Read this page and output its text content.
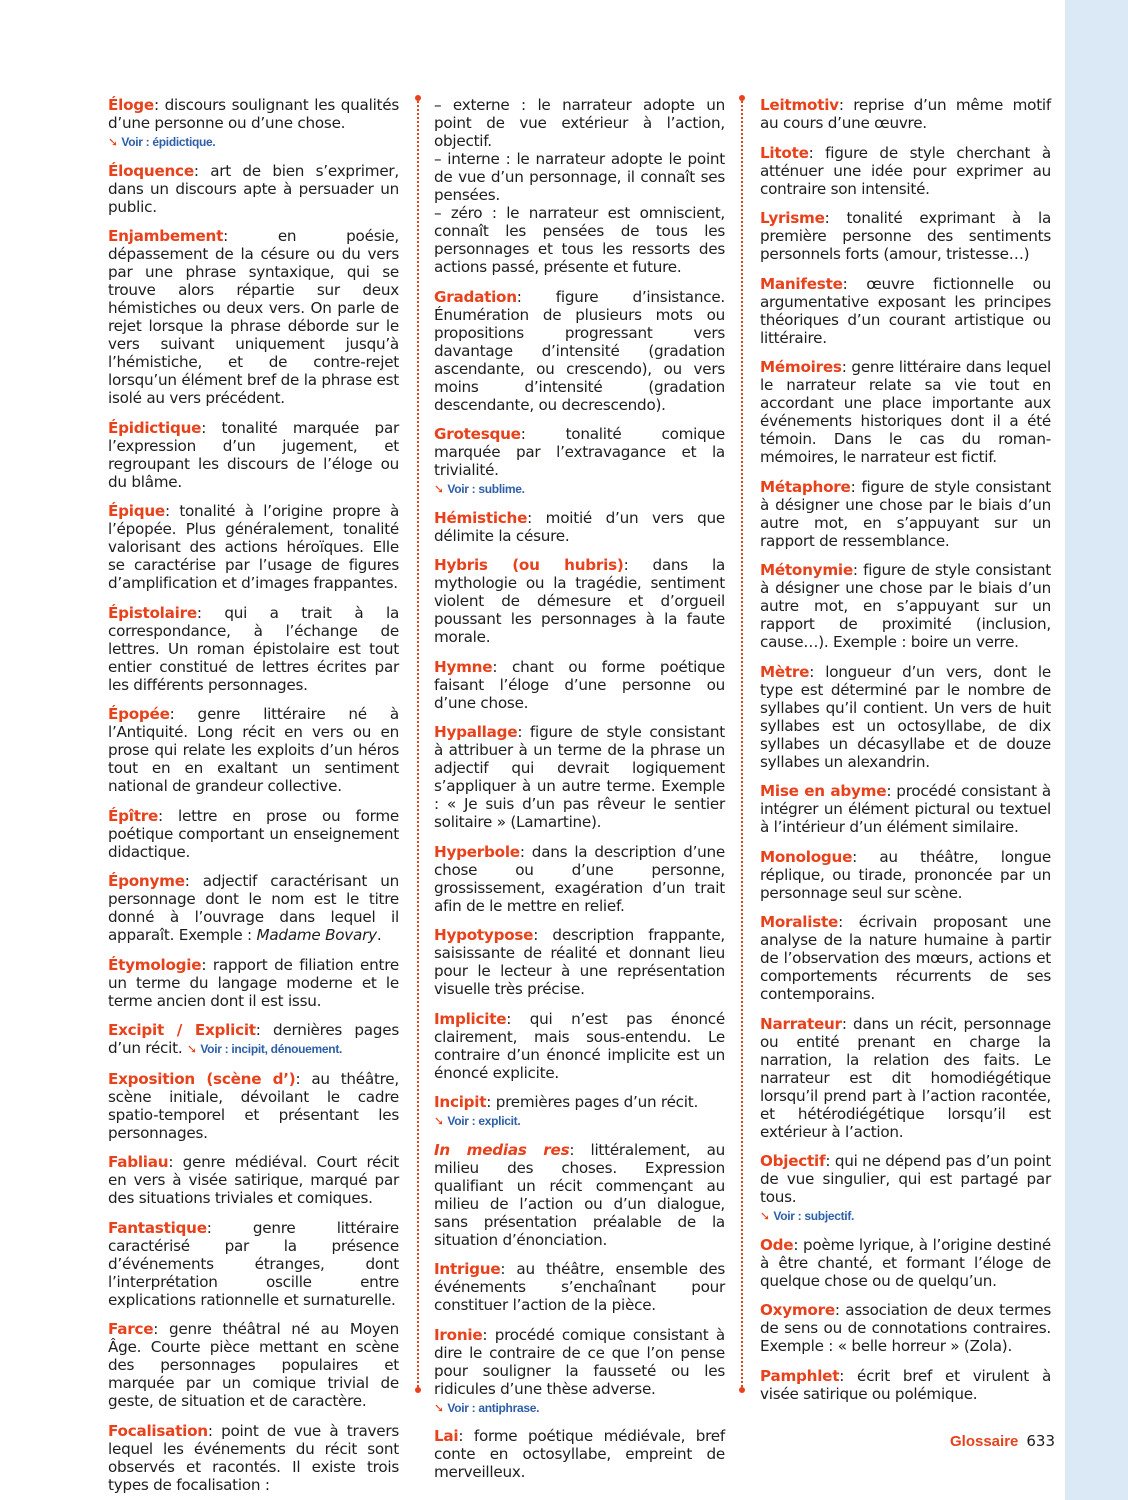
Éloge: discours soulignant les qualités d’une personne ou d’une chose.
➘ Voir : épidictique.

Éloquence: art de bien s’exprimer, dans un discours apte à persuader un public.

Enjambement: en poésie, dépassement de la césure ou du vers par une phrase syntaxique, qui se trouve alors répartie sur deux hémistiches ou deux vers. On parle de rejet lorsque la phrase déborde sur le vers suivant uniquement jusqu’à l’hémistiche, et de contre-rejet lorsqu’un élément bref de la phrase est isolé au vers précédent.

Épidictique: tonalité marquée par l’expression d’un jugement, et regroupant les discours de l’éloge ou du blâme.

Épique: tonalité à l’origine propre à l’épopée. Plus généralement, tonalité valorisant des actions héroïques. Elle se caractérise par l’usage de figures d’amplification et d’images frappantes.

Épistolaire: qui a trait à la correspondance, à l’échange de lettres. Un roman épistolaire est tout entier constitué de lettres écrites par les différents personnages.

Épopée: genre littéraire né à l’Antiquité. Long récit en vers ou en prose qui relate les exploits d’un héros tout en en exaltant un sentiment national de grandeur collective.

Épître: lettre en prose ou forme poétique comportant un enseignement didactique.

Éponyme: adjectif caractérisant un personnage dont le nom est le titre donné à l’ouvrage dans lequel il apparaît. Exemple : Madame Bovary.

Étymologie: rapport de filiation entre un terme du langage moderne et le terme ancien dont il est issu.

Excipit / Explicit: dernières pages d’un récit. ➘ Voir : incipit, dénouement.

Exposition (scène d’): au théâtre, scène initiale, dévoilant le cadre spatio-temporel et présentant les personnages.

Fabliau: genre médiéval. Court récit en vers à visée satirique, marqué par des situations triviales et comiques.

Fantastique: genre littéraire caractérisé par la présence d’événements étranges, dont l’interprétation oscille entre explications rationnelle et surnaturelle.

Farce: genre théâtral né au Moyen Âge. Courte pièce mettant en scène des personnages populaires et marquée par un comique trivial de geste, de situation et de caractère.

Focalisation: point de vue à travers lequel les événements du récit sont observés et racontés. Il existe trois types de focalisation :

– externe : le narrateur adopte un point de vue extérieur à l’action, objectif.
– interne : le narrateur adopte le point de vue d’un personnage, il connaît ses pensées.
– zéro : le narrateur est omniscient, connaît les pensées de tous les personnages et tous les ressorts des actions passé, présente et future.

Gradation: figure d’insistance. Énumération de plusieurs mots ou propositions progressant vers davantage d’intensité (gradation ascendante, ou crescendo), ou vers moins d’intensité (gradation descendante, ou decrescendo).

Grotesque: tonalité comique marquée par l’extravagance et la trivialité.
➘ Voir : sublime.

Hémistiche: moitié d’un vers que délimite la césure.

Hybris (ou hubris): dans la mythologie ou la tragédie, sentiment violent de démesure et d’orgueil poussant les personnages à la faute morale.

Hymne: chant ou forme poétique faisant l’éloge d’une personne ou d’une chose.

Hypallage: figure de style consistant à attribuer à un terme de la phrase un adjectif qui devrait logiquement s’appliquer à un autre terme. Exemple : « Je suis d’un pas rêveur le sentier solitaire » (Lamartine).

Hyperbole: dans la description d’une chose ou d’une personne, grossissement, exagération d’un trait afin de le mettre en relief.

Hypotypose: description frappante, saisissante de réalité et donnant lieu pour le lecteur à une représentation visuelle très précise.

Implicite: qui n’est pas énoncé clairement, mais sous-entendu. Le contraire d’un énoncé implicite est un énoncé explicite.

Incipit: premières pages d’un récit.
➘ Voir : explicit.

In medias res: littéralement, au milieu des choses. Expression qualifiant un récit commençant au milieu de l’action ou d’un dialogue, sans présentation préalable de la situation d’énonciation.

Intrigue: au théâtre, ensemble des événements s’enchaînant pour constituer l’action de la pièce.

Ironie: procédé comique consistant à dire le contraire de ce que l’on pense pour souligner la fausseté ou les ridicules d’une thèse adverse.
➘ Voir : antiphrase.

Lai: forme poétique médiévale, bref conte en octosyllabe, empreint de merveilleux.

Leitmotiv: reprise d’un même motif au cours d’une œuvre.

Litote: figure de style cherchant à atténuer une idée pour exprimer au contraire son intensité.

Lyrisme: tonalité exprimant à la première personne des sentiments personnels forts (amour, tristesse…)

Manifeste: œuvre fictionnelle ou argumentative exposant les principes théoriques d’un courant artistique ou littéraire.

Mémoires: genre littéraire dans lequel le narrateur relate sa vie tout en accordant une place importante aux événements historiques dont il a été témoin. Dans le cas du roman-mémoires, le narrateur est fictif.

Métaphore: figure de style consistant à désigner une chose par le biais d’un autre mot, en s’appuyant sur un rapport de ressemblance.

Métonymie: figure de style consistant à désigner une chose par le biais d’un autre mot, en s’appuyant sur un rapport de proximité (inclusion, cause…). Exemple : boire un verre.

Mètre: longueur d’un vers, dont le type est déterminé par le nombre de syllabes qu’il contient. Un vers de huit syllabes est un octosyllabe, de dix syllabes un décasyllabe et de douze syllabes un alexandrin.

Mise en abyme: procédé consistant à intégrer un élément pictural ou textuel à l’intérieur d’un élément similaire.

Monologue: au théâtre, longue réplique, ou tirade, prononcée par un personnage seul sur scène.

Moraliste: écrivain proposant une analyse de la nature humaine à partir de l’observation des mœurs, actions et comportements récurrents de ses contemporains.

Narrateur: dans un récit, personnage ou entité prenant en charge la narration, la relation des faits. Le narrateur est dit homodiégétique lorsqu’il prend part à l’action racontée, et hétérodiégétique lorsqu’il est extérieur à l’action.

Objectif: qui ne dépend pas d’un point de vue singulier, qui est partagé par tous.
➘ Voir : subjectif.

Ode: poème lyrique, à l’origine destiné à être chanté, et formant l’éloge de quelque chose ou de quelqu’un.

Oxymore: association de deux termes de sens ou de connotations contraires. Exemple : « belle horreur » (Zola).

Pamphlet: écrit bref et virulent à visée satirique ou polémique.

Glossaire 633
